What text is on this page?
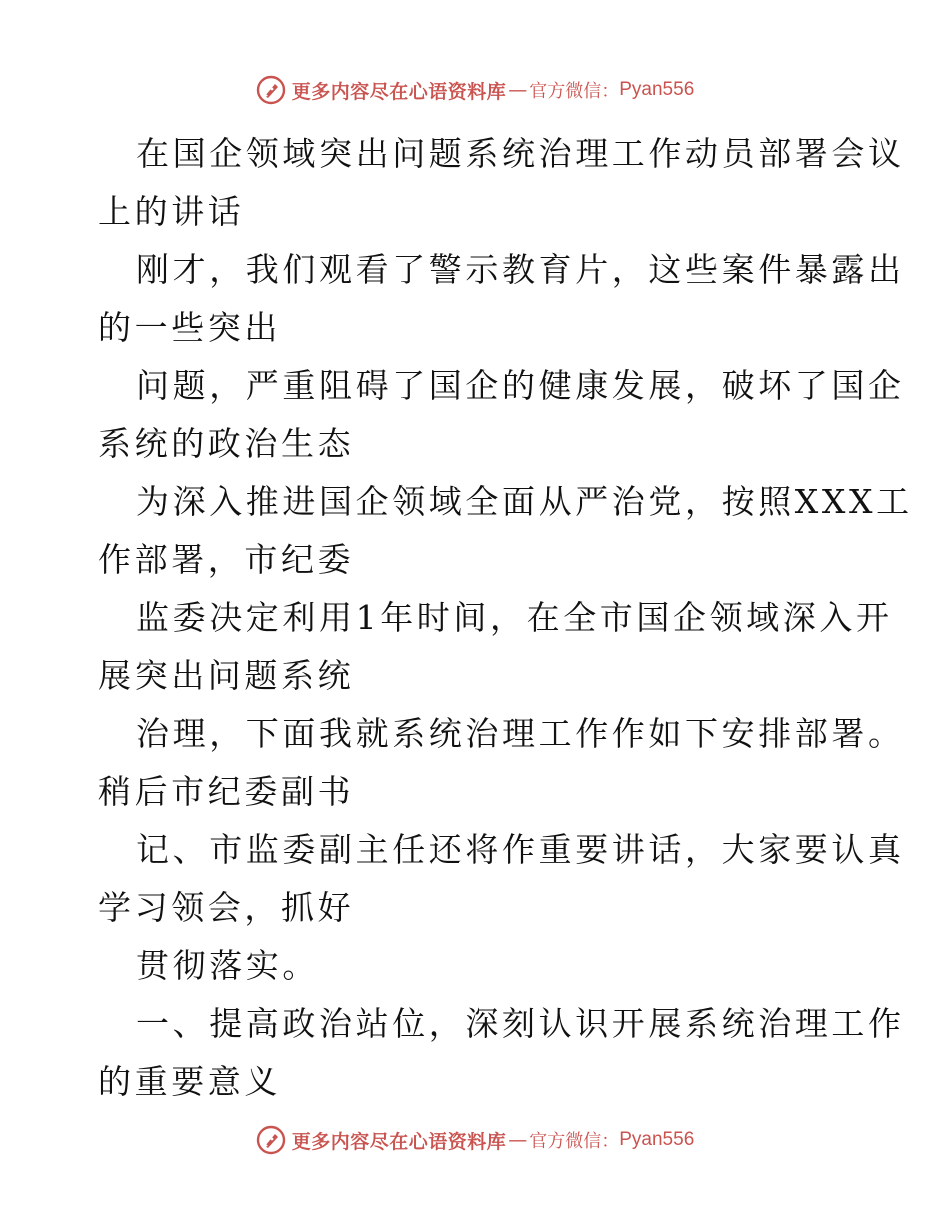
更多内容尽在心语资料库 — 官方微信： Pyan556

在国企领域突出问题系统治理工作动员部署会议
上的讲话

刚才，我们观看了警示教育片，这些案件暴露出
的一些突出

问题，严重阻碍了国企的健康发展，破坏了国企
系统的政治生态

为深入推进国企领域全面从严治党，按照XXX工
作部署，市纪委

监委决定利用1年时间，在全市国企领域深入开
展突出问题系统

治理，下面我就系统治理工作作如下安排部署。
稍后市纪委副书

记、市监委副主任还将作重要讲话，大家要认真
学习领会，抓好

贯彻落实。

一、提高政治站位，深刻认识开展系统治理工作
的重要意义

更多内容尽在心语资料库 — 官方微信： Pyan556
